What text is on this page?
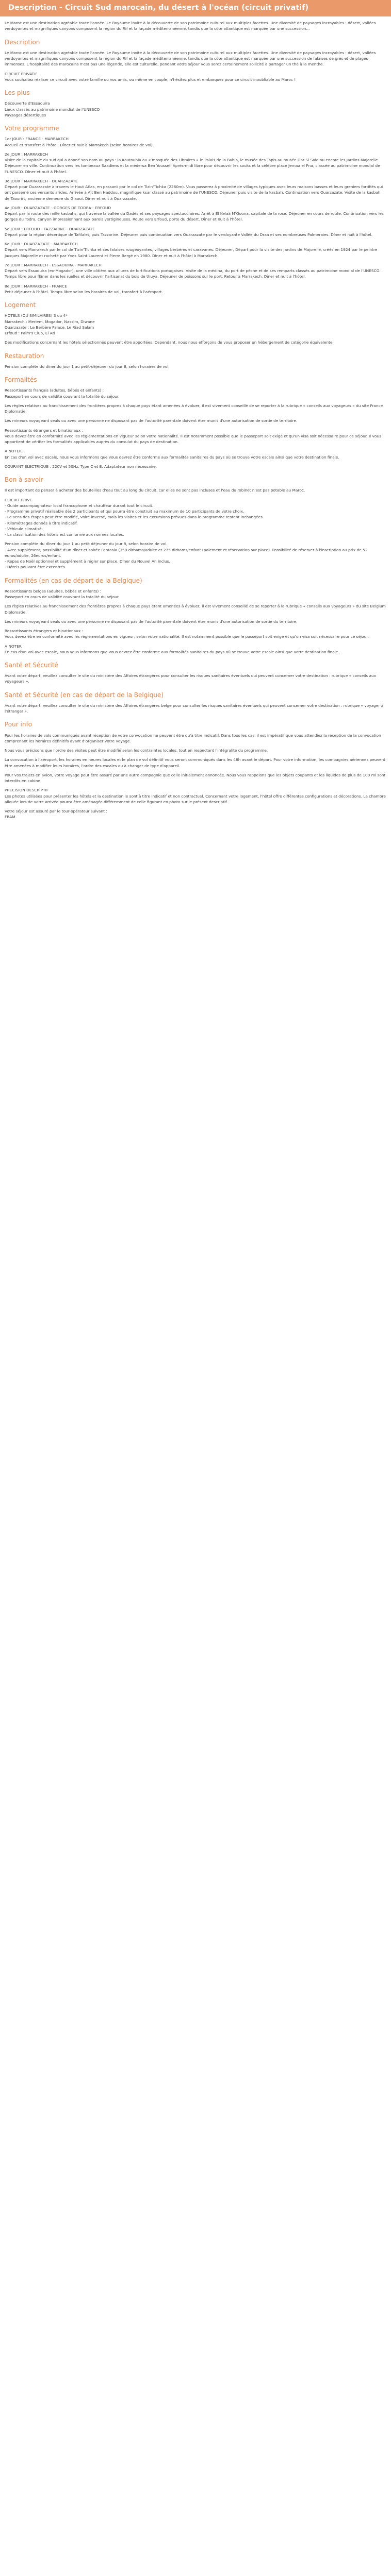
Description - Circuit Sud marocain, du désert à l'océan (circuit privatif)

Le Maroc est une destination agréable toute l'année. Le Royaume invite à la découverte de son patrimoine culturel aux multiples facettes. Une diversité de paysages incroyables : désert, vallées verdoyantes et magnifiques canyons composent la région du Rif et la façade méditerranéenne, tandis que la côte atlantique est marquée par une succession...

Description

Le Maroc est une destination agréable toute l'année. Le Royaume invite à la découverte de son patrimoine culturel aux multiples facettes. Une diversité de paysages incroyables : désert, vallées verdoyantes et magnifiques canyons composent la région du Rif et la façade méditerranéenne, tandis que la côte atlantique est marquée par une succession de falaises de grès et de plages immenses. L'hospitalité des marocains n'est pas une légende, elle est culturelle, pendant votre séjour vous serez certainement sollicité à partager un thé à la menthe.

CIRCUIT PRIVATIF
Vous souhaitez réaliser ce circuit avec votre famille ou vos amis, ou même en couple, n'hésitez plus et embarquez pour ce circuit inoubliable au Maroc !

Les plus

Découverte d'Essaouira
Lieux classés au patrimoine mondial de l'UNESCO
Paysages désertiques

Votre programme

1er JOUR : FRANCE - MARRAKECH
Accueil et transfert à l'hôtel. Dîner et nuit à Marrakech (selon horaires de vol).

2e JOUR : MARRAKECH
Visite de la capitale du sud qui a donné son nom au pays : la Koutoubia ou « mosquée des Libraires » le Palais de la Bahia, le musée des Tapis au musée Dar Si Saïd ou encore les Jardins Majorelle. Déjeuner en ville. Continuation vers les tombeaux Saadiens et la médersa Ben Youssef. Après-midi libre pour découvrir les souks et la célèbre place Jemaa el Fna, classée au patrimoine mondial de l'UNESCO. Dîner et nuit à l'hôtel.

3e JOUR : MARRAKECH - OUARZAZATE
Départ pour Ouarzazate à travers le Haut Atlas, en passant par le col de Tizin'Tichka (2260m). Vous passerez à proximité de villages typiques avec leurs maisons basses et leurs greniers fortifiés qui ont parsemé ces versants arides. Arrivée à Aït Ben Haddou, magnifique ksar classé au patrimoine de l'UNESCO. Déjeuner puis visite de la kasbah. Continuation vers Ouarzazate. Visite de la kasbah de Taourirt, ancienne demeure du Glaoui. Dîner et nuit à Ouarzazate.

4e JOUR : OUARZAZATE - GORGES DE TODRA - ERFOUD
Départ par la route des mille kasbahs, qui traverse la vallée du Dadès et ses paysages spectaculaires. Arrêt à El Kelaâ M'Gouna, capitale de la rose. Déjeuner en cours de route. Continuation vers les gorges du Todra, canyon impressionnant aux parois vertigineuses. Route vers Erfoud, porte du désert. Dîner et nuit à l'hôtel.

5e JOUR : ERFOUD - TAZZARINE - OUARZAZATE
Départ pour la région désertique de Tafilalet, puis Tazzarine. Déjeuner puis continuation vers Ouarzazate par le verdoyante Vallée du Draa et ses nombreuses Palmeraies. Dîner et nuit à l'hôtel.

6e JOUR : OUARZAZATE - MARRAKECH
Départ vers Marrakech par le col de Tizin'Tichka et ses falaises rougeoyantes, villages berbères et caravanes. Déjeuner, Départ pour la visite des jardins de Majorelle, créés en 1924 par le peintre Jacques Majorelle et racheté par Yves Saint Laurent et Pierre Bergé en 1980. Dîner et nuit à l'hôtel à Marrakech.

7e JOUR : MARRAKECH - ESSAOUIRA - MARRAKECH
Départ vers Essaouira (ex-Mogador), une ville côtière aux allures de fortifications portugaises. Visite de la médina, du port de pêche et de ses remparts classés au patrimoine mondial de l'UNESCO. Temps libre pour flâner dans les ruelles et découvrir l'artisanat du bois de thuya. Déjeuner de poissons sur le port. Retour à Marrakech. Dîner et nuit à l'hôtel.

8e JOUR : MARRAKECH - FRANCE
Petit déjeuner à l'hôtel. Temps libre selon les horaires de vol, transfert à l'aéroport.

Logement

HOTELS (OU SIMILAIRES) 3 ou 4*
Marrakech : Meriem, Mogador, Nassim, Diwane
Ouarzazate : Le Berbère Palace, Le Riad Salam
Erfoud : Palm's Club, El Ati

Des modifications concernant les hôtels sélectionnés peuvent être apportées. Cependant, nous nous efforçons de vous proposer un hébergement de catégorie équivalente.

Restauration

Pension complète du dîner du jour 1 au petit-déjeuner du jour 8, selon horaires de vol.

Formalités

Ressortissants français (adultes, bébés et enfants) :
Passeport en cours de validité couvrant la totalité du séjour.

Les règles relatives au franchissement des frontières propres à chaque pays étant amenées à évoluer, il est vivement conseillé de se reporter à la rubrique « conseils aux voyageurs » du site France Diplomatie.

Les mineurs voyageant seuls ou avec une personne ne disposant pas de l'autorité parentale doivent être munis d'une autorisation de sortie de territoire.

Ressortissants étrangers et binationaux :
Vous devez être en conformité avec les réglementations en vigueur selon votre nationalité. Il est notamment possible que le passeport soit exigé et qu'un visa soit nécessaire pour ce séjour. Il vous appartient de vérifier les formalités applicables auprès du consulat du pays de destination.

A NOTER
En cas d'un vol avec escale, nous vous informons que vous devrez être conforme aux formalités sanitaires du pays où se trouve votre escale ainsi que votre destination finale.

COURANT ELECTRIQUE : 220V et 50Hz. Type C et E. Adaptateur non nécessaire.

Bon à savoir

Il est important de penser à acheter des bouteilles d'eau tout au long du circuit, car elles ne sont pas incluses et l'eau du robinet n'est pas potable au Maroc.

CIRCUIT PRIVE
- Guide accompagnateur local francophone et chauffeur durant tout le circuit.
- Programme privatif réalisable dès 2 participants et qui pourra être construit au maximum de 10 participants de votre choix.
- Le sens des étapes peut être modifié, voire inversé, mais les visites et les excursions prévues dans le programme restent inchangées.
- Kilométrages donnés à titre indicatif.
- Véhicule climatisé.
- La classification des hôtels est conforme aux normes locales.

Pension complète du dîner du jour 1 au petit déjeuner du jour 8, selon horaire de vol.
- Avec supplément, possibilité d'un dîner et soirée Fantasia (350 dirhams/adulte et 275 dirhams/enfant (paiement et réservation sur place). Possibilité de réserver à l'inscription au prix de 52 euros/adulte, 26euros/enfant.
- Repas de Noël optionnel et supplément à régler sur place. Dîner du Nouvel An inclus.
- Hôtels pouvant être excentrés.

Formalités (en cas de départ de la Belgique)

Ressortissants belges (adultes, bébés et enfants) :
Passeport en cours de validité couvrant la totalité du séjour.

Les règles relatives au franchissement des frontières propres à chaque pays étant amenées à évoluer, il est vivement conseillé de se reporter à la rubrique « conseils aux voyageurs » du site Belgium Diplomatie.

Les mineurs voyageant seuls ou avec une personne ne disposant pas de l'autorité parentale doivent être munis d'une autorisation de sortie du territoire.

Ressortissants étrangers et binationaux :
Vous devez être en conformité avec les réglementations en vigueur, selon votre nationalité. Il est notamment possible que le passeport soit exigé et qu'un visa soit nécessaire pour ce séjour.

A NOTER
En cas d'un vol avec escale, nous vous informons que vous devrez être conforme aux formalités sanitaires du pays où se trouve votre escale ainsi que votre destination finale.

Santé et Sécurité

Avant votre départ, veuillez consulter le site du ministère des Affaires étrangères pour consulter les risques sanitaires éventuels qui peuvent concerner votre destination : rubrique « conseils aux voyageurs ».

Santé et Sécurité (en cas de départ de la Belgique)

Avant votre départ, veuillez consulter le site du ministère des Affaires étrangères belge pour consulter les risques sanitaires éventuels qui peuvent concerner votre destination : rubrique « voyager à l'étranger ».

Pour info

Pour les horaires de vols communiqués avant réception de votre convocation ne peuvent être qu'à titre indicatif. Dans tous les cas, il est impératif que vous attendiez la réception de la convocation comprenant les horaires définitifs avant d'organiser votre voyage.

Nous vous précisons que l'ordre des visites peut être modifié selon les contraintes locales, tout en respectant l'intégralité du programme.

La convocation à l'aéroport, les horaires en heures locales et le plan de vol définitif vous seront communiqués dans les 48h avant le départ. Pour votre information, les compagnies aériennes peuvent être amenées à modifier leurs horaires, l'ordre des escales ou à changer de type d'appareil.

Pour vos trajets en avion, votre voyage peut être assuré par une autre compagnie que celle initialement annoncée. Nous vous rappelons que les objets coupants et les liquides de plus de 100 ml sont interdits en cabine.

PRECISION DESCRIPTIF
Les photos utilisées pour présenter les hôtels et la destination le sont à titre indicatif et non contractuel. Concernant votre logement, l'hôtel offre différentes configurations et décorations. La chambre allouée lors de votre arrivée pourra être aménagée différemment de celle figurant en photo sur le présent descriptif.

Votre séjour est assuré par le tour-opérateur suivant :
FRAM
